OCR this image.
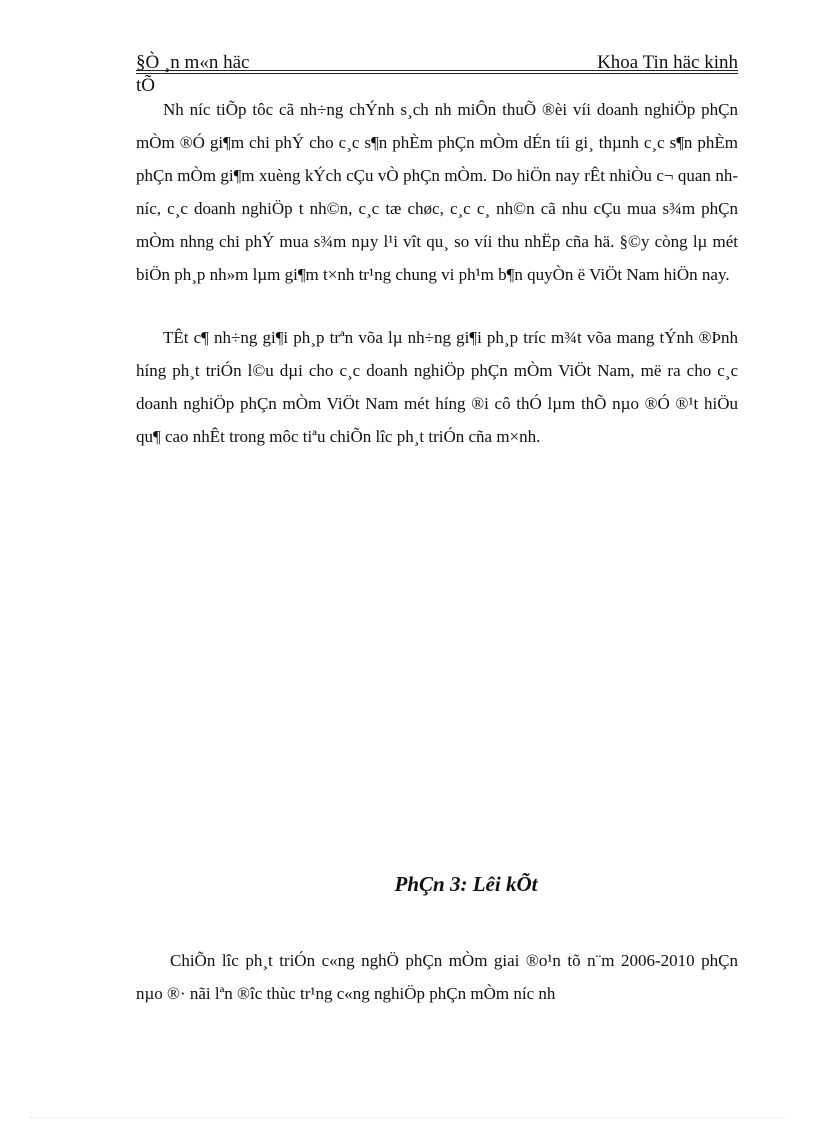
§Ò ¸n m«n häc	Khoa Tin häc kinh
tÕ

Nh níc tiÕp tôc cã nh÷ng chÝnh s¸ch nh miÔn thuÕ ®èi víi doanh nghiÖp phÇn mÒm ®Ó gi¶m chi phÝ cho c¸c s¶n phÈm phÇn mÒm dÉn tíi gi¸ thµnh c¸c s¶n phÈm phÇn mÒm gi¶m xuèng kÝch cÇu vÒ phÇn mÒm. Do hiÖn nay rÊt nhiÒu c¬ quan nh níc, c¸c doanh nghiÖp t nh©n, c¸c tæ chøc, c¸c c¸ nh©n cã nhu cÇu mua s¾m phÇn mÒm nhng chi phÝ mua s¾m nµy l¹i vît qu¸ so víi thu nhËp cña hä. §©y còng lµ mét biÖn ph¸p nh»m lµm gi¶m t×nh tr¹ng chung vi ph¹m b¶n quyÒn ë ViÖt Nam hiÖn nay.

TÊt c¶ nh÷ng gi¶i ph¸p trªn võa lµ nh÷ng gi¶i ph¸p tríc m¾t võa mang tÝnh ®Þnh híng ph¸t triÓn l©u dµi cho c¸c doanh nghiÖp phÇn mÒm ViÖt Nam, më ra cho c¸c doanh nghiÖp phÇn mÒm ViÖt Nam mét híng ®i cô thÓ lµm thÕ nµo ®Ó ®¹t hiÖu qu¶ cao nhÊt trong môc tiªu chiÕn lîc ph¸t triÓn cña m×nh.

PhÇn 3: Lêi kÕt

ChiÕn lîc ph¸t triÓn c«ng nghÖ phÇn mÒm giai ®o¹n tõ n¨m 2006-2010 phÇn nµo ®· nãi lªn ®îc thùc tr¹ng c«ng nghiÖp phÇn mÒm níc nh
